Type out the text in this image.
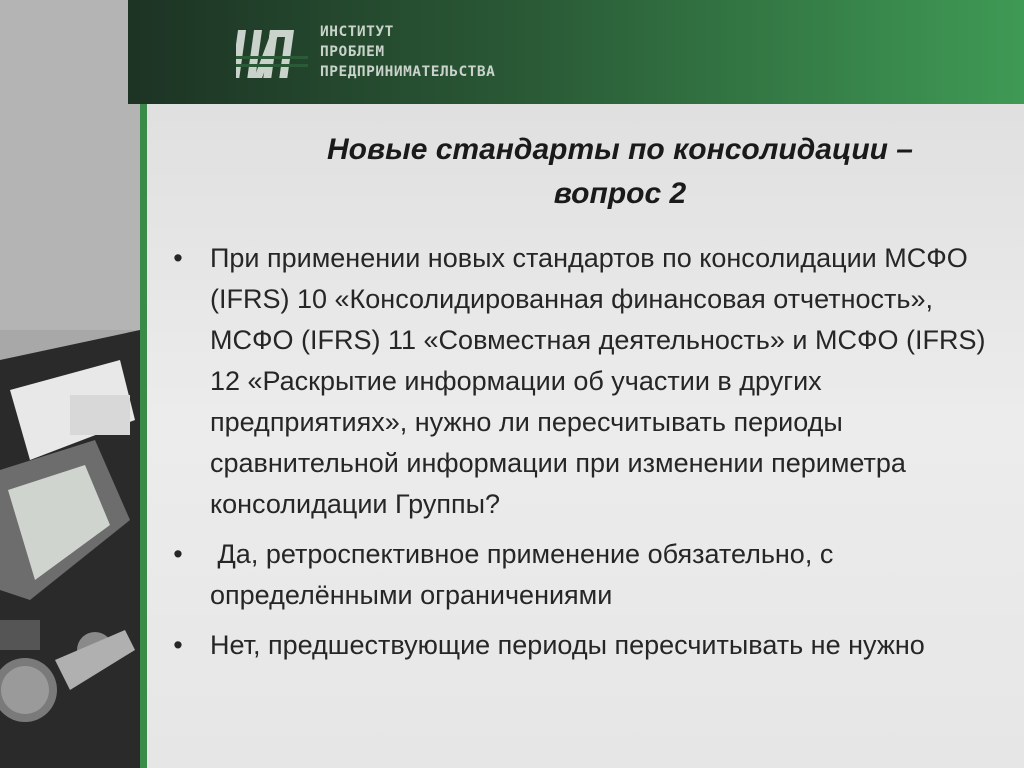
ИНСТИТУТ
ПРОБЛЕМ
ПРЕДПРИНИМАТЕЛЬСТВА
Новые стандарты по консолидации –
вопрос 2
• При применении новых стандартов по консолидации МСФО (IFRS) 10 «Консолидированная финансовая отчетность», МСФО (IFRS) 11 «Совместная деятельность» и МСФО (IFRS) 12 «Раскрытие информации об участии в других предприятиях», нужно ли пересчитывать периоды сравнительной информации при изменении периметра консолидации Группы?
• Да, ретроспективное применение обязательно, с определёнными ограничениями
• Нет, предшествующие периоды пересчитывать не нужно
